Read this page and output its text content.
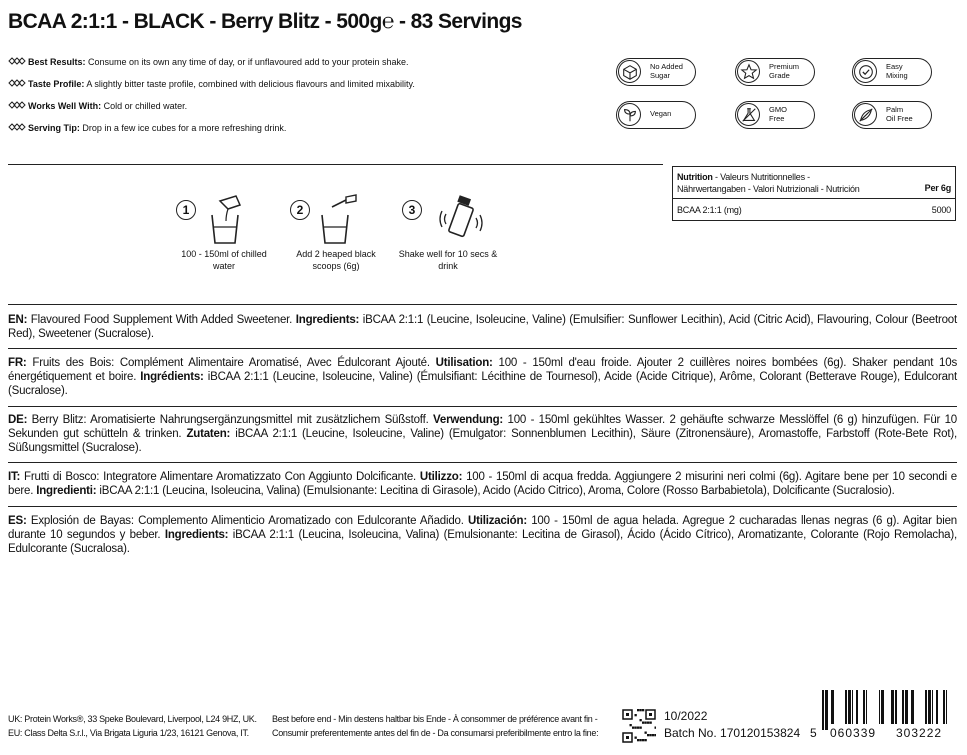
BCAA 2:1:1 - BLACK - Berry Blitz - 500g℮ - 83 Servings
Best Results: Consume on its own any time of day, or if unflavoured add to your protein shake.
Taste Profile: A slightly bitter taste profile, combined with delicious flavours and limited mixability.
Works Well With: Cold or chilled water.
Serving Tip: Drop in a few ice cubes for a more refreshing drink.
No Added
Sugar
Premium
Grade
Easy
Mixing
Vegan	GMO
Free
Palm
Oil Free
Nutrition - Valeurs Nutritionnelles - Nährwertangaben - Valori Nutrizionali - Nutrición	Per 6g
BCAA 2:1:1 (mg)	5000
1
100 - 150ml of chilled water
2
Add 2 heaped black scoops (6g)
3
Shake well for 10 secs & drink
EN: Flavoured Food Supplement With Added Sweetener. Ingredients: iBCAA 2:1:1 (Leucine, Isoleucine, Valine) (Emulsifier: Sunflower Lecithin), Acid (Citric Acid), Flavouring, Colour (Beetroot Red), Sweetener (Sucralose).
FR: Fruits des Bois: Complément Alimentaire Aromatisé, Avec Édulcorant Ajouté. Utilisation: 100 - 150ml d'eau froide. Ajouter 2 cuillères noires bombées (6g). Shaker pendant 10s énergétiquement et boire. Ingrédients: iBCAA 2:1:1 (Leucine, Isoleucine, Valine) (Émulsifiant: Lécithine de Tournesol), Acide (Acide Citrique), Arôme, Colorant (Betterave Rouge), Edulcorant (Sucralose).
DE: Berry Blitz: Aromatisierte Nahrungsergänzungsmittel mit zusätzlichem Süßstoff. Verwendung: 100 - 150ml gekühltes Wasser. 2 gehäufte schwarze Messlöffel (6 g) hinzufügen. Für 10 Sekunden gut schütteln & trinken. Zutaten: iBCAA 2:1:1 (Leucine, Isoleucine, Valine) (Emulgator: Sonnenblumen Lecithin), Säure (Zitronensäure), Aromastoffe, Farbstoff (Rote-Bete Rot), Süßungsmittel (Sucralose).
IT: Frutti di Bosco: Integratore Alimentare Aromatizzato Con Aggiunto Dolcificante. Utilizzo: 100 - 150ml di acqua fredda. Aggiungere 2 misurini neri colmi (6g). Agitare bene per 10 secondi e bere. Ingredienti: iBCAA 2:1:1 (Leucina, Isoleucina, Valina) (Emulsionante: Lecitina di Girasole), Acido (Acido Citrico), Aroma, Colore (Rosso Barbabietola), Dolcificante (Sucralosio).
ES: Explosión de Bayas: Complemento Alimenticio Aromatizado con Edulcorante Añadido. Utilización: 100 - 150ml de agua helada. Agregue 2 cucharadas llenas negras (6 g). Agitar bien durante 10 segundos y beber. Ingredients: iBCAA 2:1:1 (Leucina, Isoleucina, Valina) (Emulsionante: Lecitina de Girasol), Ácido (Ácido Cítrico), Aromatizante, Colorante (Rojo Remolacha), Edulcorante (Sucralosa).
UK: Protein Works®, 33 Speke Boulevard, Liverpool, L24 9HZ, UK.
EU: Class Delta S.r.l., Via Brigata Liguria 1/23, 16121 Genova, IT.
Best before end - Min destens haltbar bis Ende - À consommer de préférence avant fin -
Consumir preferentemente antes del fin de - Da consumarsi preferibilmente entro la fine:
10/2022
Batch No. 170120153824 5 060339 303222
